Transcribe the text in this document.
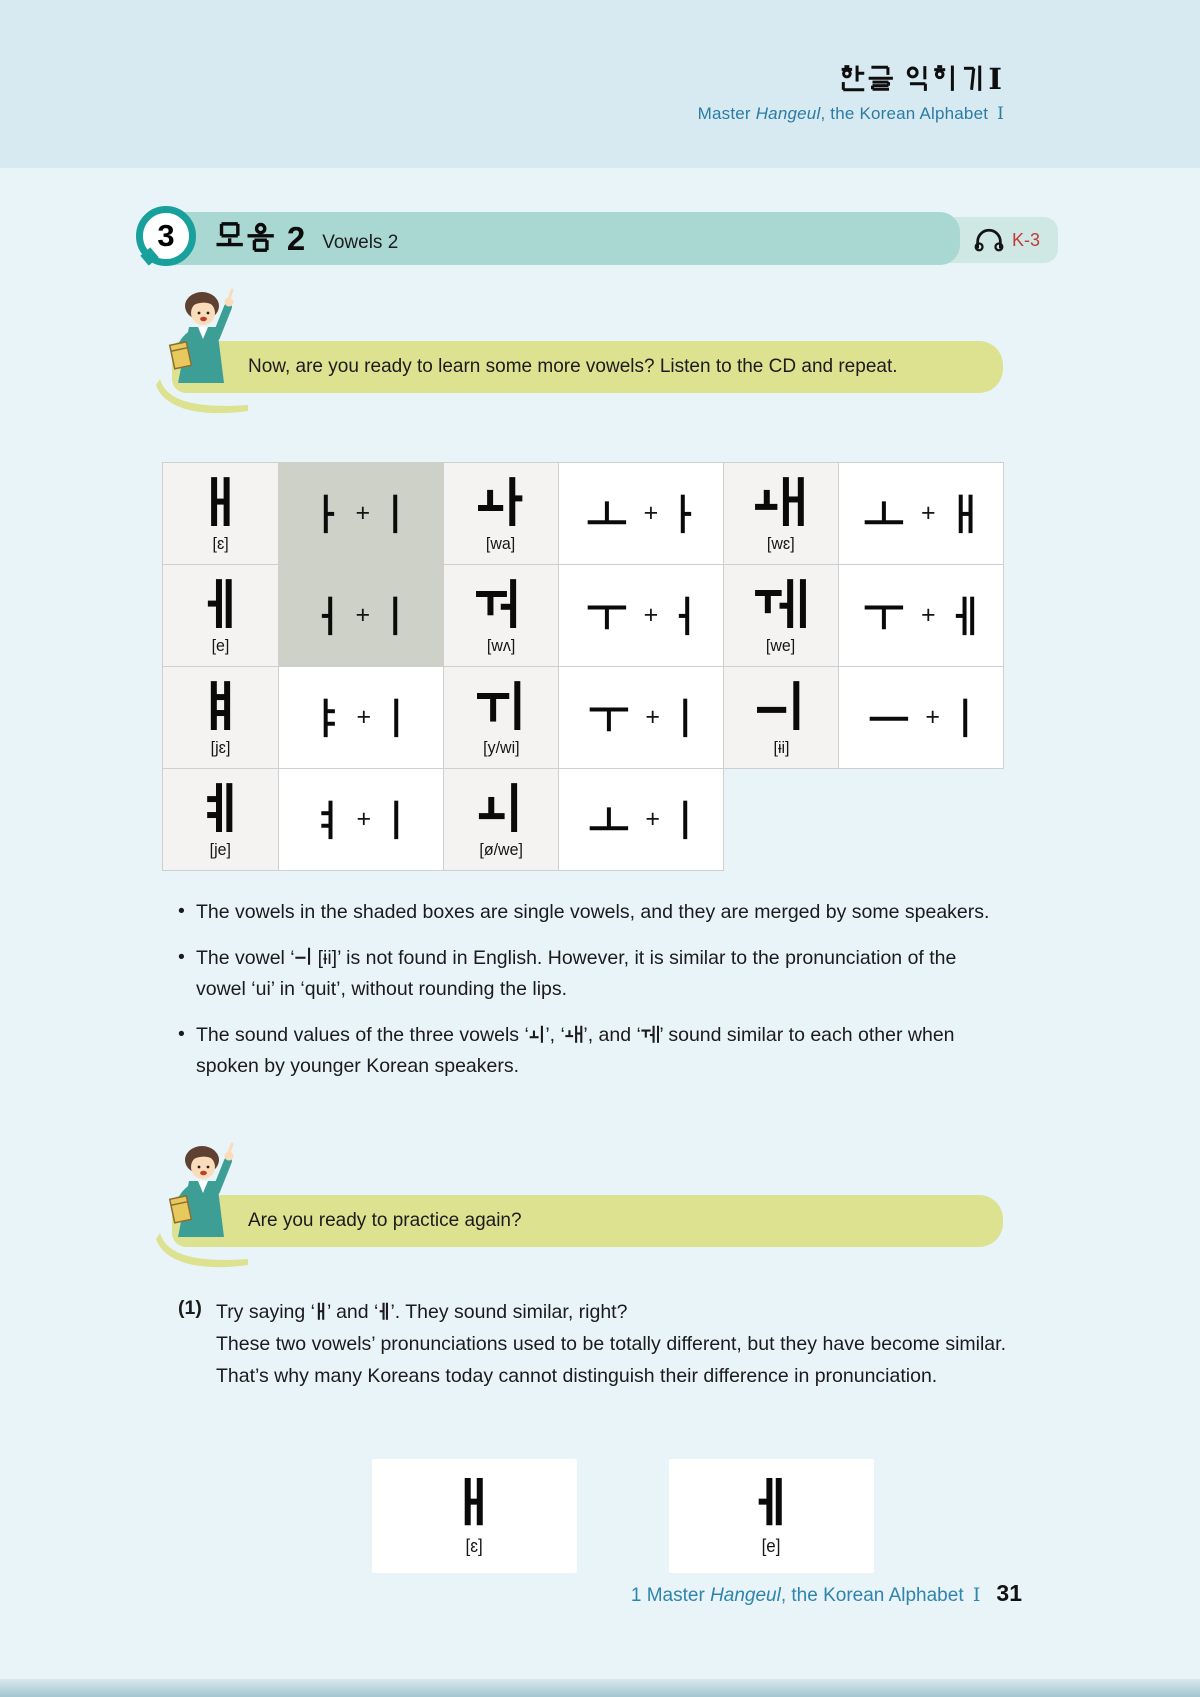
I
Master Hangeul, the Korean Alphabet I
K-3
2 Vowels 2
3
Now, are you ready to learn some more vowels? Listen to the CD and repeat.
[ɛ]
+
[wa]
+
[wɛ]
+
[e]
+
[wʌ]
+
[we]
+
[jɛ]
+
[y/wi]
+
[ɨi]
+
[je]
+
[ø/we]
+
• The vowels in the shaded boxes are single vowels, and they are merged by some speakers.
• The vowel ‘ [ɨi]’ is not found in English. However, it is similar to the pronunciation of the vowel ‘ui’ in ‘quit’, without rounding the lips.
• The sound values of the three vowels ‘ ’, ‘ ’, and ‘ ’ sound similar to each other when spoken by younger Korean speakers.
Are you ready to practice again?
(1) Try saying ‘ ’ and ‘ ’. They sound similar, right?
These two vowels’ pronunciations used to be totally different, but they have become similar. That’s why many Koreans today cannot distinguish their difference in pronunciation.
[ɛ]	[e]
1 Master Hangeul, the Korean Alphabet I 31
